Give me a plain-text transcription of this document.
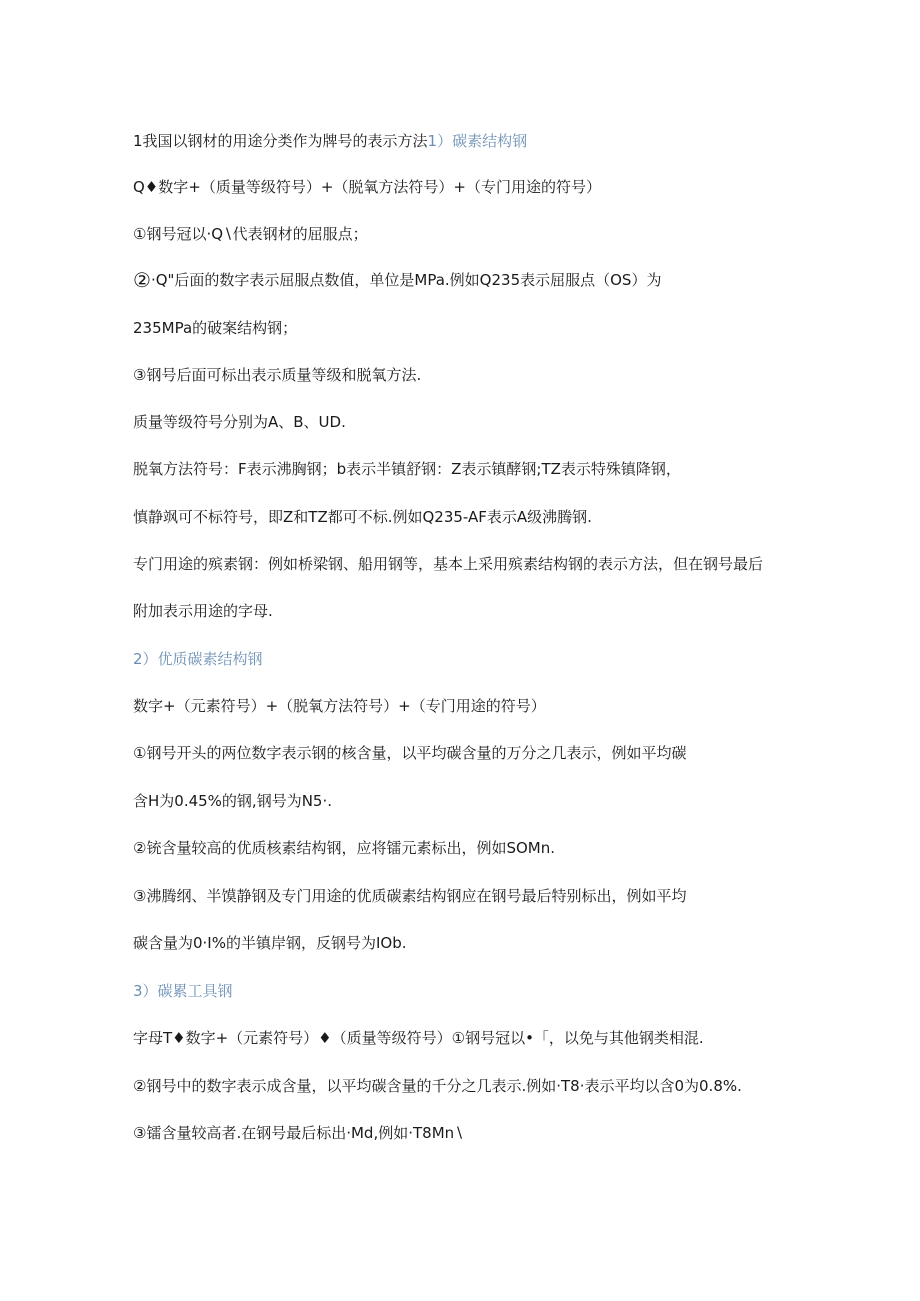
1我国以钢材的用途分类作为牌号的表示方法1）碳素结构钢
Q♦数字+（质量等级符号）+（脱氧方法符号）+（专门用途的符号）
①钢号冠以·Q∖代表钢材的屈服点；
②·Q"后面的数字表示屈服点数值，单位是MPa.例如Q235表示屈服点（OS）为
235MPa的破案结构钢；
③钢号后面可标出表示质量等级和脱氧方法.
质量等级符号分别为A、B、UD.
脱氧方法符号：F表示沸胸钢；b表示半镇舒钢：Z表示镇酵钢;TZ表示特殊镇降钢，
慎静飒可不标符号，即Z和TZ都可不标.例如Q235-AF表示A级沸腾钢.
专门用途的殡素钢：例如桥梁钢、船用钢等，基本上采用殡素结构钢的表示方法，但在钢号最后
附加表示用途的字母.
2）优质碳素结构钢
数字+（元素符号）+（脱氧方法符号）+（专门用途的符号）
①钢号开头的两位数字表示钢的核含量，以平均碳含量的万分之几表示，例如平均碳
含H为0.45%的钢,钢号为N5·.
②铳含量较高的优质核素结构钢，应将镭元素标出，例如SOMn.
③沸腾纲、半馍静钢及专门用途的优质碳素结构钢应在钢号最后特别标出，例如平均
碳含量为0·I%的半镇岸钢，反钢号为IOb.
3）碳累工具钢
字母T♦数字+（元素符号）♦（质量等级符号）①钢号冠以•「，以免与其他钢类相混.
②钢号中的数字表示成含量，以平均碳含量的千分之几表示.例如·T8·表示平均以含0为0.8%.
③镭含量较高者.在钢号最后标出·Md,例如·T8Mn∖
